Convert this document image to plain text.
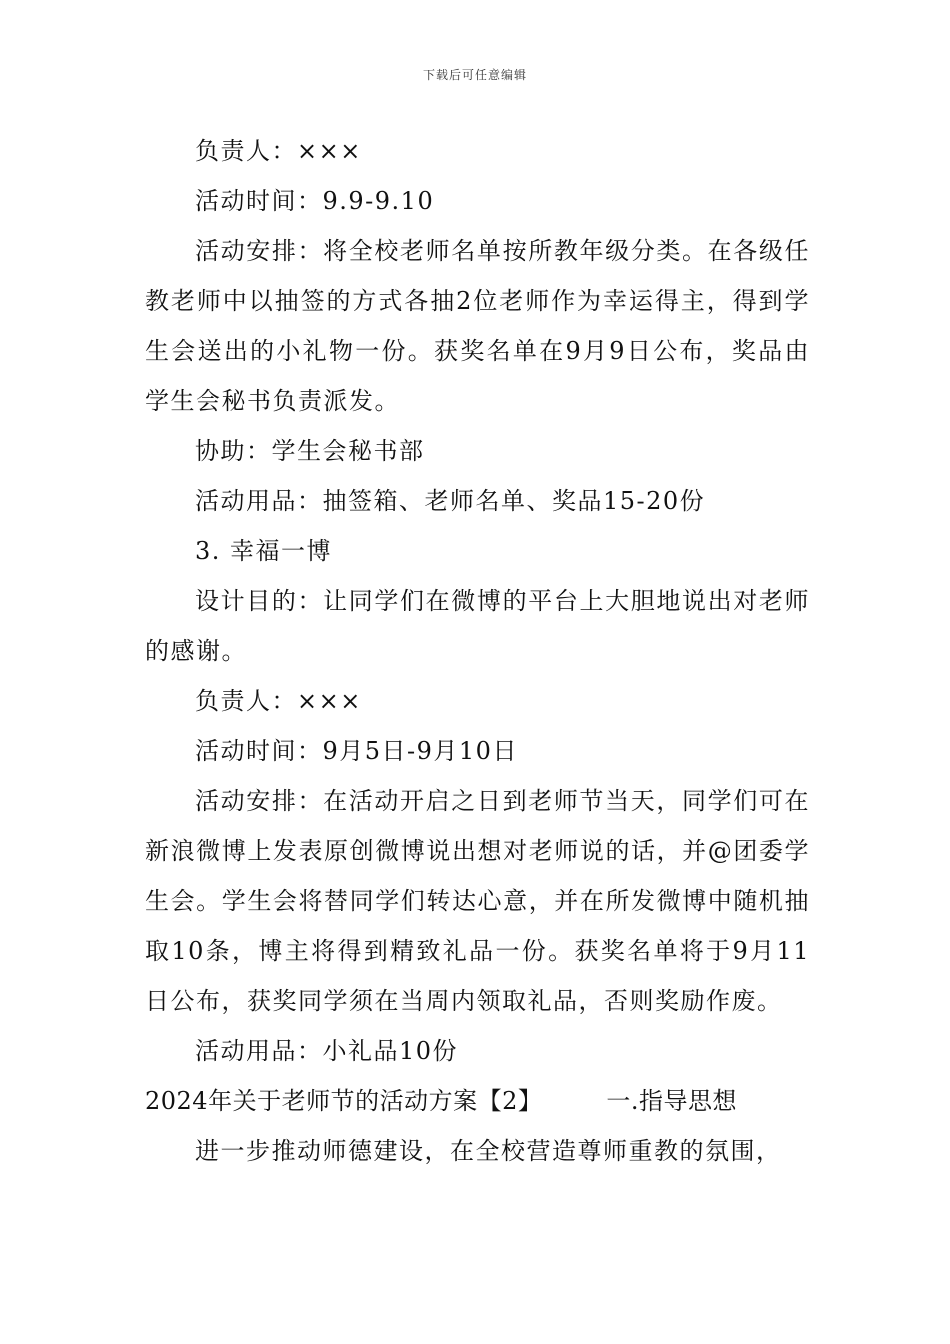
下载后可任意编辑

负责人：×××

活动时间：9.9-9.10

活动安排：将全校老师名单按所教年级分类。在各级任教老师中以抽签的方式各抽2位老师作为幸运得主，得到学生会送出的小礼物一份。获奖名单在9月9日公布，奖品由学生会秘书负责派发。

协助：学生会秘书部

活动用品：抽签箱、老师名单、奖品15-20份

3. 幸福一博

设计目的：让同学们在微博的平台上大胆地说出对老师的感谢。

负责人：×××

活动时间：9月5日-9月10日

活动安排：在活动开启之日到老师节当天，同学们可在新浪微博上发表原创微博说出想对老师说的话，并@团委学生会。学生会将替同学们转达心意，并在所发微博中随机抽取10条，博主将得到精致礼品一份。获奖名单将于9月11日公布，获奖同学须在当周内领取礼品，否则奖励作废。

活动用品：小礼品10份

2024年关于老师节的活动方案【2】	一.指导思想

进一步推动师德建设，在全校营造尊师重教的氛围，
